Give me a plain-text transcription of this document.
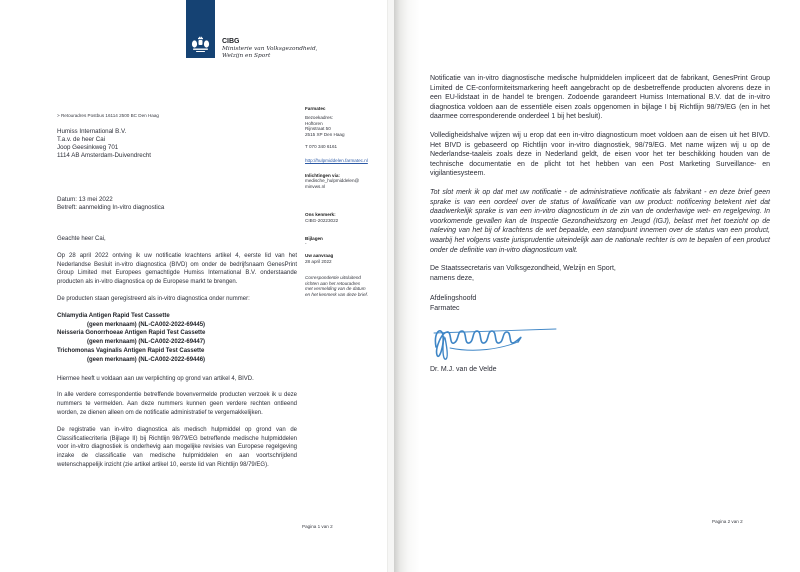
CIBG
Ministerie van Volksgezondheid,
Welzijn en Sport
> Retouradres Postbus 16114 2500 BC Den Haag
Humiss International B.V.
T.a.v. de heer Cai
Joop Geesinkweg 701
1114 AB Amsterdam-Duivendrecht
Datum: 13 mei 2022
Betreft: aanmelding In-vitro diagnostica
Geachte heer Cai,

Op 28 april 2022 ontving ik uw notificatie krachtens artikel 4, eerste lid van het Nederlandse Besluit in-vitro diagnostica (BIVD) om onder de bedrijfsnaam GenesPrint Group Limited met Europees gemachtigde Humiss International B.V. onderstaande producten als in-vitro diagnostica op de Europese markt te brengen.

De producten staan geregistreerd als in-vitro diagnostica onder nummer:

Chlamydia Antigen Rapid Test Cassette
(geen merknaam) (NL-CA002-2022-69445)
Neisseria Gonorrhoeae Antigen Rapid Test Cassette
(geen merknaam) (NL-CA002-2022-69447)
Trichomonas Vaginalis Antigen Rapid Test Cassette
(geen merknaam) (NL-CA002-2022-69446)

Hiermee heeft u voldaan aan uw verplichting op grond van artikel 4, BIVD.

In alle verdere correspondentie betreffende bovenvermelde producten verzoek ik u deze nummers te vermelden. Aan deze nummers kunnen geen verdere rechten ontleend worden, ze dienen alleen om de notificatie administratief te vergemakkelijken.

De registratie van in-vitro diagnostica als medisch hulpmiddel op grond van de Classificatiecriteria (Bijlage II) bij Richtlijn 98/79/EG betreffende medische hulpmiddelen voor in-vitro diagnostiek is onderhevig aan mogelijke revisies van Europese regelgeving inzake de classificatie van medische hulpmiddelen en aan voortschrijdend wetenschappelijk inzicht (zie artikel artikel 10, eerste lid van Richtlijn 98/79/EG).

Farmatec
Bezoekadres:
Hoftoren
Rijnstraat 50
2515 XP Den Haag
T 070 340 6161
http://hulpmiddelen.farmatec.nl
Inlichtingen via:
medische_hulpmiddelen@
minvws.nl
Ons kenmerk:
CIBG-20223022
Bijlagen
-
Uw aanvraag
28 april 2022
Correspondentie uitsluitend richten aan het retouradres met vermelding van de datum en het kenmerk van deze brief.
Pagina 1 van 2

Notificatie van in-vitro diagnostische medische hulpmiddelen impliceert dat de fabrikant, GenesPrint Group Limited de CE-conformiteitsmarkering heeft aangebracht op de desbetreffende producten alvorens deze in een EU-lidstaat in de handel te brengen. Zodoende garandeert Humiss International B.V. dat de in-vitro diagnostica voldoen aan de essentiële eisen zoals opgenomen in bijlage I bij Richtlijn 98/79/EG (en in het daarmee corresponderende onderdeel 1 bij het besluit).

Volledigheidshalve wijzen wij u erop dat een in-vitro diagnosticum moet voldoen aan de eisen uit het BIVD. Het BIVD is gebaseerd op Richtlijn voor in-vitro diagnostiek, 98/79/EG. Met name wijzen wij u op de Nederlandse-taaleis zoals deze in Nederland geldt, de eisen voor het ter beschikking houden van de technische documentatie en de plicht tot het hebben van een Post Marketing Surveillance- en vigilantiesysteem.

Tot slot merk ik op dat met uw notificatie - de administratieve notificatie als fabrikant - en deze brief geen sprake is van een oordeel over de status of kwalificatie van uw product: notificering betekent niet dat daadwerkelijk sprake is van een in-vitro diagnosticum in de zin van de onderhavige wet- en regelgeving. In voorkomende gevallen kan de Inspectie Gezondheidszorg en Jeugd (IGJ), belast met het toezicht op de naleving van het bij of krachtens de wet bepaalde, een standpunt innemen over de status van een product, waarbij het volgens vaste jurisprudentie uiteindelijk aan de nationale rechter is om te bepalen of een product onder de definitie van in-vitro diagnosticum valt.

De Staatssecretaris van Volksgezondheid, Welzijn en Sport,
namens deze,
Afdelingshoofd
Farmatec
Dr. M.J. van de Velde
Pagina 2 van 2
